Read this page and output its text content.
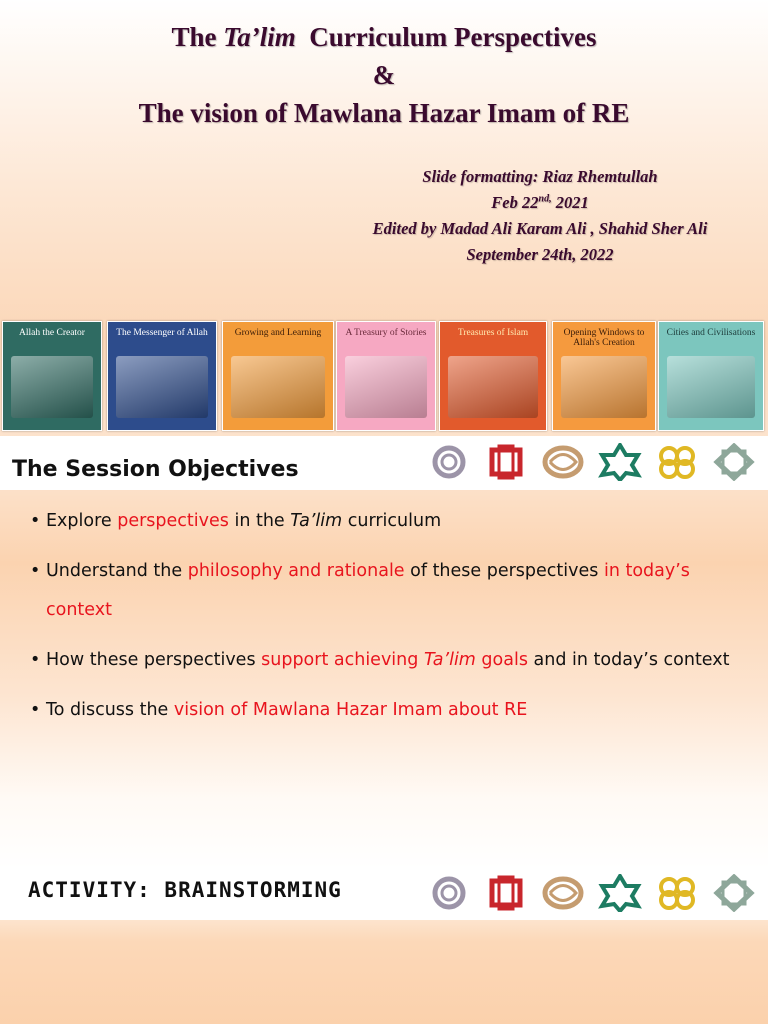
The Ta’lim  Curriculum Perspectives
&
The vision of Mawlana Hazar Imam of RE
Slide formatting: Riaz Rhemtullah
Feb $22^{nd,}$ 2021
Edited by Madad Ali Karam Ali , Shahid Sher Ali
September 24th, 2022
Allah the Creator	The Messenger of Allah	Growing and Learning	A Treasury of Stories	Treasures of Islam	Opening Windows to Allah's Creation
Cities and Civilisations
The Session Objectives
• Explore perspectives in the Ta’lim curriculum
• Understand the philosophy and rationale of these perspectives in today’s context
• How these perspectives support achieving Ta’lim goals and in today’s context
• To discuss the vision of Mawlana Hazar Imam about RE
ACTIVITY: BRAINSTORMING
